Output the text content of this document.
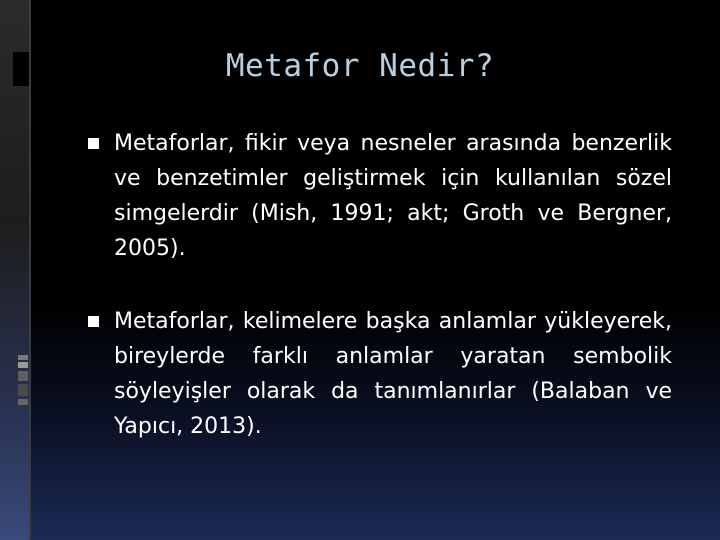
Metafor Nedir?
Metaforlar, fikir veya nesneler arasında benzerlik ve benzetimler geliştirmek için kullanılan sözel simgelerdir (Mish, 1991; akt; Groth ve Bergner, 2005).
Metaforlar, kelimelere başka anlamlar yükleyerek, bireylerde farklı anlamlar yaratan sembolik söyleyişler olarak da tanımlanırlar (Balaban ve Yapıcı, 2013).
